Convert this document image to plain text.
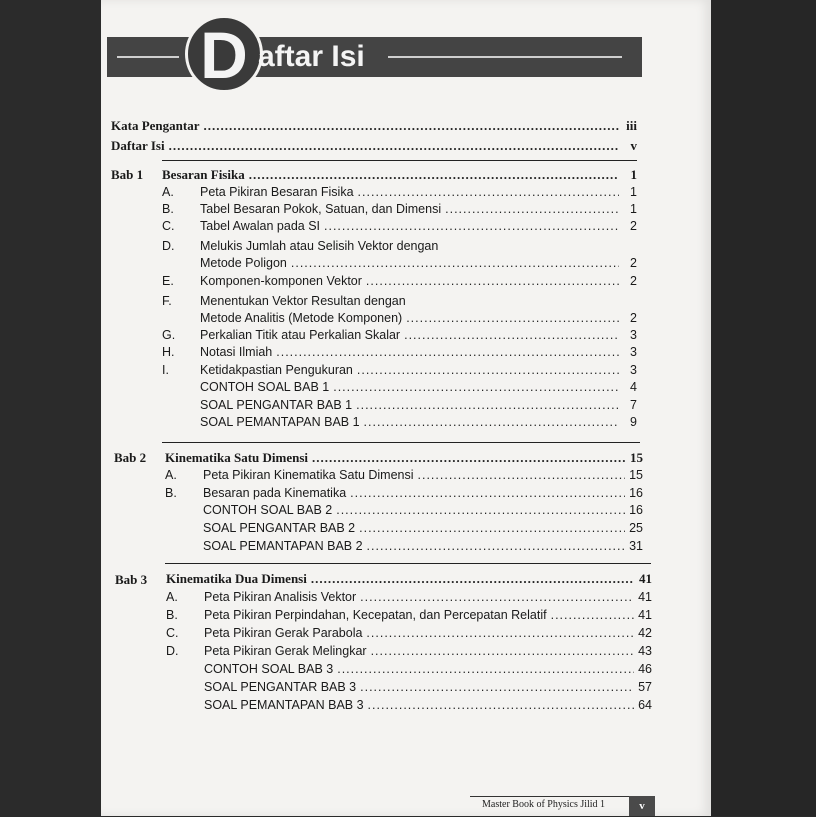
D aftar Isi
Kata Pengantar .....	iii
Daftar Isi .....	v
Bab 1 Besaran Fisika .....	1
A.	Peta Pikiran Besaran Fisika .....	1
B.	Tabel Besaran Pokok, Satuan, dan Dimensi .....	1
C.	Tabel Awalan pada SI .....	2
D.	Melukis Jumlah atau Selisih Vektor dengan
Metode Poligon .....	2
E.	Komponen-komponen Vektor .....	2
F.	Menentukan Vektor Resultan dengan
Metode Analitis (Metode Komponen) .....	2
G.	Perkalian Titik atau Perkalian Skalar .....	3
H.	Notasi Ilmiah .....	3
I.	Ketidakpastian Pengukuran .....	3
CONTOH SOAL BAB 1 .....	4
SOAL PENGANTAR BAB 1 .....	7
SOAL PEMANTAPAN BAB 1 .....	9
Bab 2 Kinematika Satu Dimensi .....	15
A.	Peta Pikiran Kinematika Satu Dimensi .....	15
B.	Besaran pada Kinematika .....	16
CONTOH SOAL BAB 2 .....	16
SOAL PENGANTAR BAB 2 .....	25
SOAL PEMANTAPAN BAB 2 .....	31
Bab 3 Kinematika Dua Dimensi .....	41
A.	Peta Pikiran Analisis Vektor .....	41
B.	Peta Pikiran Perpindahan, Kecepatan, dan Percepatan Relatif .....	41
C.	Peta Pikiran Gerak Parabola .....	42
D.	Peta Pikiran Gerak Melingkar .....	43
CONTOH SOAL BAB 3 .....	46
SOAL PENGANTAR BAB 3 .....	57
SOAL PEMANTAPAN BAB 3 .....	64
Master Book of Physics Jilid 1	v
